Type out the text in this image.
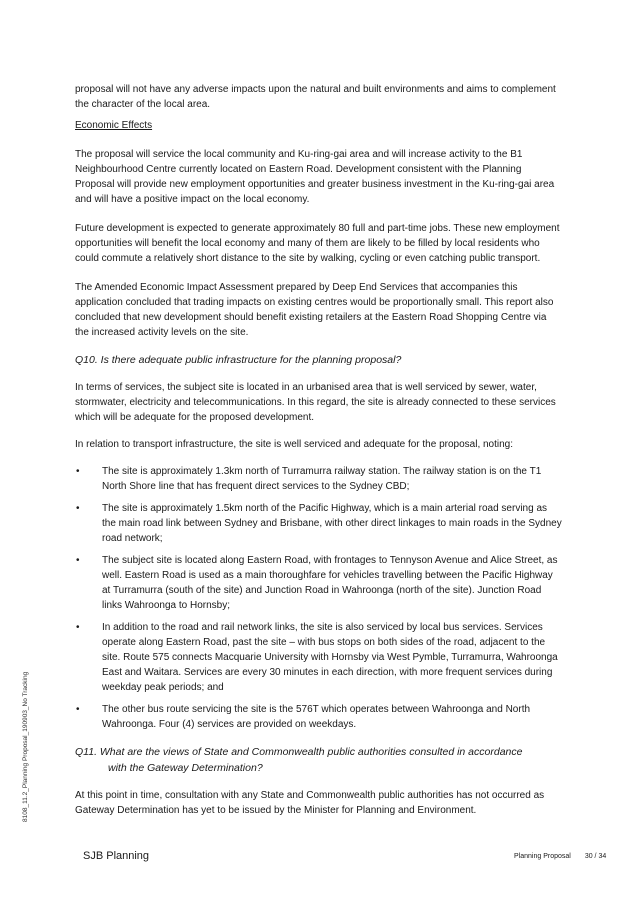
proposal will not have any adverse impacts upon the natural and built environments and aims to complement the character of the local area.

Economic Effects

The proposal will service the local community and Ku-ring-gai area and will increase activity to the B1 Neighbourhood Centre currently located on Eastern Road. Development consistent with the Planning Proposal will provide new employment opportunities and greater business investment in the Ku-ring-gai area and will have a positive impact on the local economy.

Future development is expected to generate approximately 80 full and part-time jobs. These new employment opportunities will benefit the local economy and many of them are likely to be filled by local residents who could commute a relatively short distance to the site by walking, cycling or even catching public transport.

The Amended Economic Impact Assessment prepared by Deep End Services that accompanies this application concluded that trading impacts on existing centres would be proportionally small. This report also concluded that new development should benefit existing retailers at the Eastern Road Shopping Centre via the increased activity levels on the site.

Q10. Is there adequate public infrastructure for the planning proposal?

In terms of services, the subject site is located in an urbanised area that is well serviced by sewer, water, stormwater, electricity and telecommunications. In this regard, the site is already connected to these services which will be adequate for the proposed development.

In relation to transport infrastructure, the site is well serviced and adequate for the proposal, noting:

• The site is approximately 1.3km north of Turramurra railway station. The railway station is on the T1 North Shore line that has frequent direct services to the Sydney CBD;
• The site is approximately 1.5km north of the Pacific Highway, which is a main arterial road serving as the main road link between Sydney and Brisbane, with other direct linkages to main roads in the Sydney road network;
• The subject site is located along Eastern Road, with frontages to Tennyson Avenue and Alice Street, as well. Eastern Road is used as a main thoroughfare for vehicles travelling between the Pacific Highway at Turramurra (south of the site) and Junction Road in Wahroonga (north of the site). Junction Road links Wahroonga to Hornsby;
• In addition to the road and rail network links, the site is also serviced by local bus services. Services operate along Eastern Road, past the site – with bus stops on both sides of the road, adjacent to the site. Route 575 connects Macquarie University with Hornsby via West Pymble, Turramurra, Wahroonga East and Waitara. Services are every 30 minutes in each direction, with more frequent services during weekday peak periods; and
• The other bus route servicing the site is the 576T which operates between Wahroonga and North Wahroonga. Four (4) services are provided on weekdays.

Q11. What are the views of State and Commonwealth public authorities consulted in accordance
with the Gateway Determination?

At this point in time, consultation with any State and Commonwealth public authorities has not occurred as Gateway Determination has yet to be issued by the Minister for Planning and Environment.

8108_11.2_Planning Proposal_190903_No Tracking
SJB Planning	Planning Proposal 30 / 34
